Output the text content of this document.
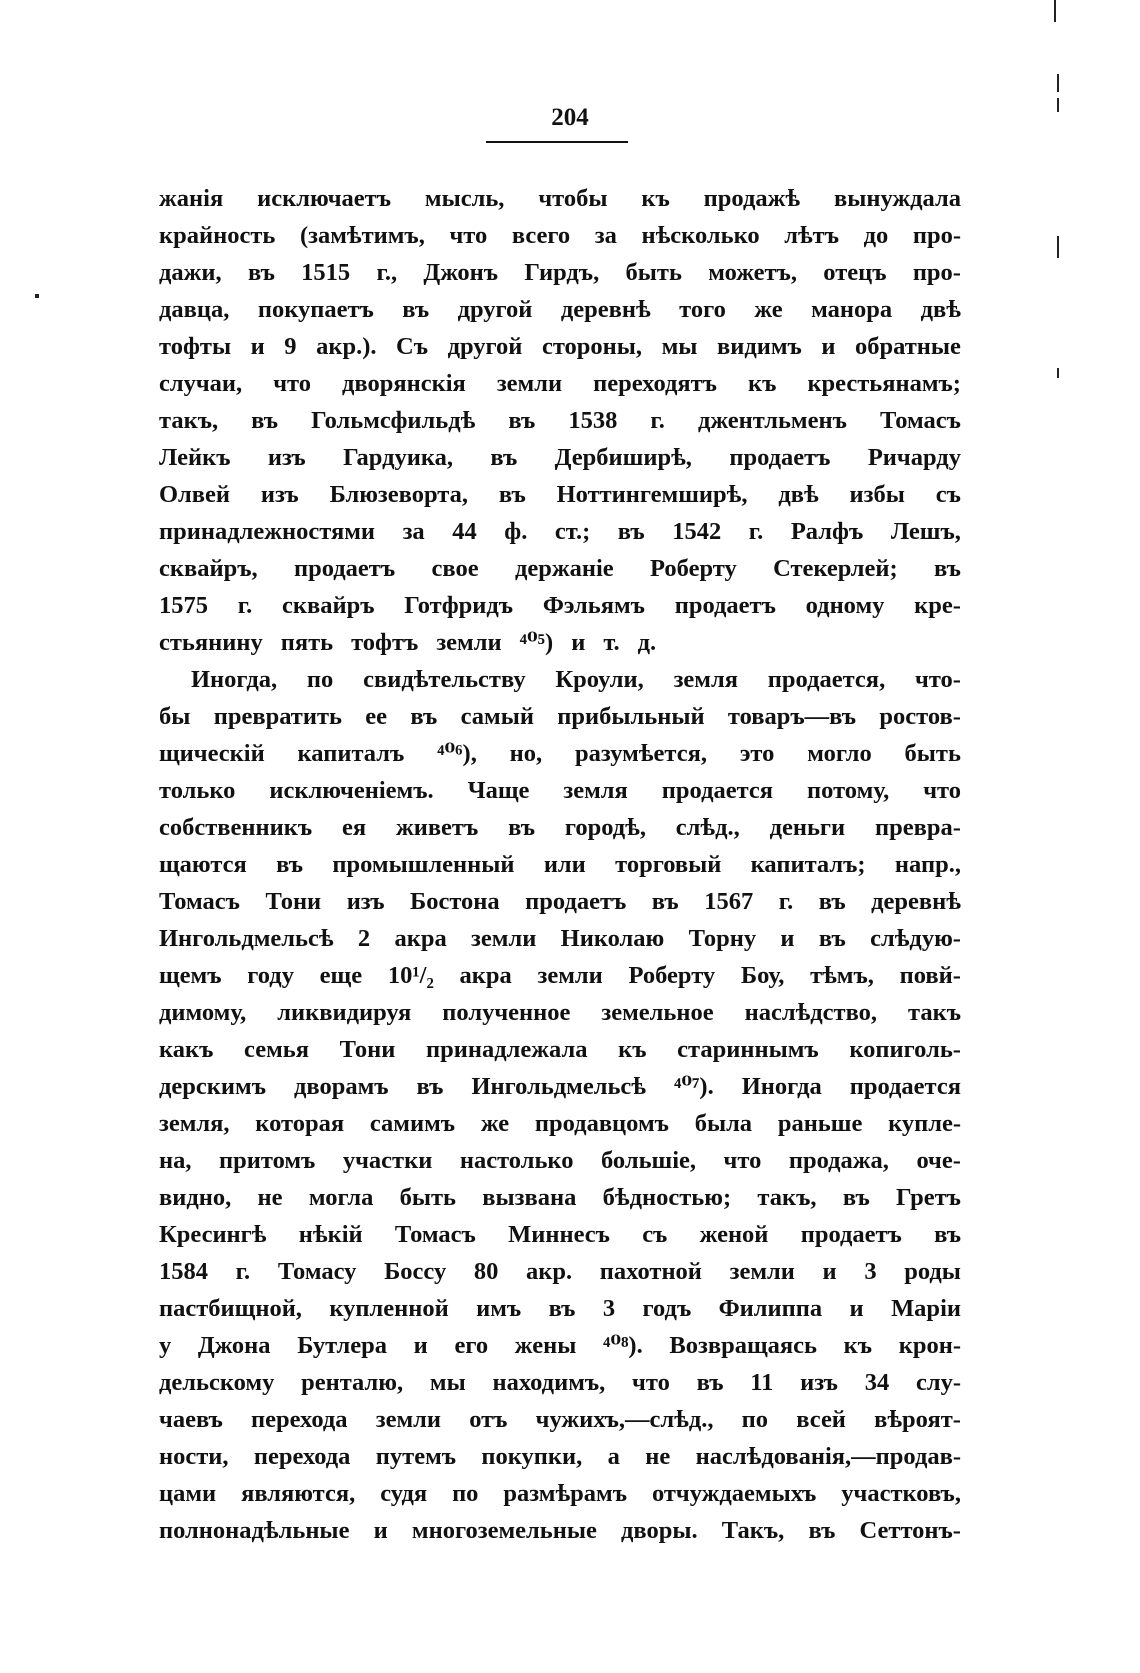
204
жанія исключаетъ мысль, чтобы къ продажѣ вынуждала
крайность (замѣтимъ, что всего за нѣсколько лѣтъ до про-
дажи, въ 1515 г., Джонъ Гирдъ, быть можетъ, отецъ про-
давца, покупаетъ въ другой деревнѣ того же манора двѣ
тофты и 9 акр.). Съ другой стороны, мы видимъ и обратные
случаи, что дворянскія земли переходятъ къ крестьянамъ;
такъ, въ Гольмсфильдѣ въ 1538 г. джентльменъ Томасъ
Лейкъ изъ Гардуика, въ Дербиширѣ, продаетъ Ричарду
Олвей изъ Блюзеворта, въ Ноттингемширѣ, двѣ избы съ
принадлежностями за 44 ф. ст.; въ 1542 г. Ралфъ Лешъ,
сквайръ, продаетъ свое держаніе Роберту Стекерлей; въ
1575 г. сквайръ Готфридъ Фэльямъ продаетъ одному кре-
стьянину пять тофтъ земли ⁴⁰⁵) и т. д.
Иногда, по свидѣтельству Кроули, земля продается, что-
бы превратить ее въ самый прибыльный товаръ—въ ростов-
щическій капиталъ ⁴⁰⁶), но, разумѣется, это могло быть
только исключеніемъ. Чаще земля продается потому, что
собственникъ ея живетъ въ городѣ, слѣд., деньги преврa-
щаются въ промышленный или торговый капиталъ; напр.,
Томасъ Тони изъ Бостона продаетъ въ 1567 г. въ деревнѣ
Ингольдмельсѣ 2 акра земли Николаю Торну и въ слѣдую-
щемъ году еще 10¹/₂ акра земли Роберту Боу, тѣмъ, повй-
димому, ликвидируя полученное земельное наслѣдство, такъ
какъ семья Тони принадлежала къ стариннымъ копиголь-
дерскимъ дворамъ въ Ингольдмельсѣ ⁴⁰⁷). Иногда продается
земля, которая самимъ же продавцомъ была раньше купле-
на, притомъ участки настолько большіе, что продажа, оче-
видно, не могла быть вызвана бѣдностью; такъ, въ Гретъ
Кресингѣ нѣкій Томасъ Миннесъ съ женой продаетъ въ
1584 г. Томасу Боссу 80 акр. пахотной земли и 3 роды
пастбищной, купленной имъ въ 3 годъ Филиппа и Маріи
у Джона Бутлера и его жены ⁴⁰⁸). Возвращаясь къ крон-
дельскому ренталю, мы находимъ, что въ 11 изъ 34 слу-
чаевъ перехода земли отъ чужихъ,—слѣд., по всей вѣроят-
ности, перехода путемъ покупки, а не наслѣдованія,—продав-
цами являются, судя по размѣрамъ отчуждаемыхъ участковъ,
полнонадѣльные и многоземельные дворы. Такъ, въ Сеттонъ-
